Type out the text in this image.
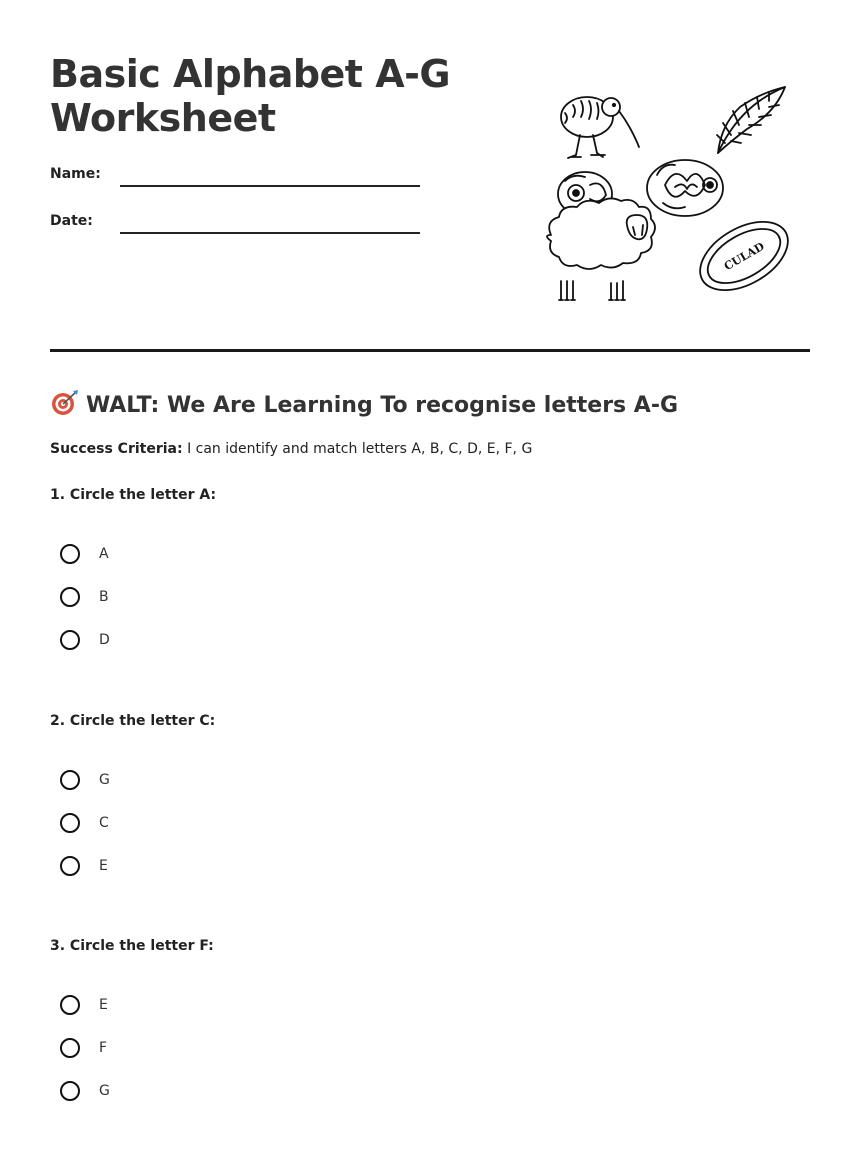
Basic Alphabet A-G
Worksheet
Name:
Date:
CULAD
WALT: We Are Learning To recognise letters A-G
Success Criteria: I can identify and match letters A, B, C, D, E, F, G

1. Circle the letter A:

A
B
D

2. Circle the letter C:

G
C
E

3. Circle the letter F:

E
F
G
